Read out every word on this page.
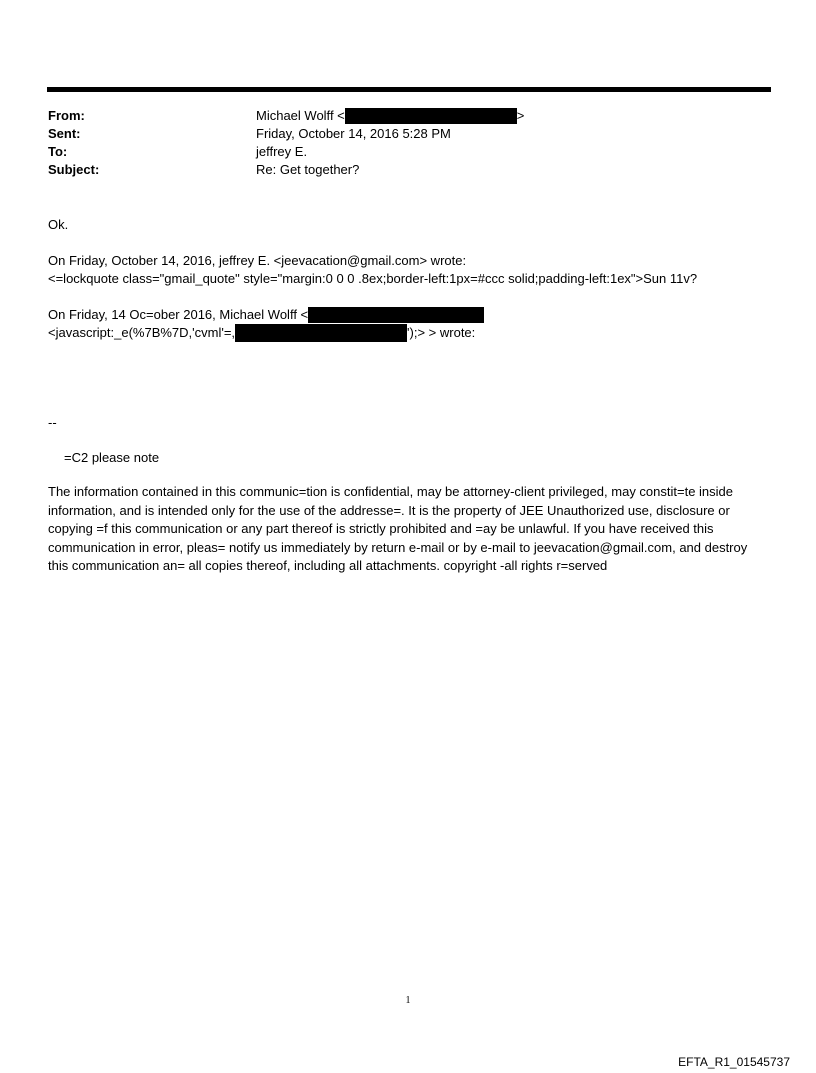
From:	Michael Wolff <	>
Sent:	Friday, October 14, 2016 5:28 PM
To:	jeffrey E.
Subject:	Re: Get together?
Ok.
On Friday, October 14, 2016, jeffrey E. <jeevacation@gmail.com> wrote:
<=lockquote class="gmail_quote" style="margin:0 0 0 .8ex;border-left:1px=#ccc solid;padding-left:1ex">Sun 11v?
On Friday, 14 Oc=ober 2016, Michael Wolff <
<javascript:_e(%7B%7D,'cvml'=,	');> > wrote:
--
=C2 please note
The information contained in this communic=tion is confidential, may be attorney-client privileged, may constit=te inside information, and is intended only for the use of the addresse=. It is the property of JEE Unauthorized use, disclosure or copying =f this communication or any part thereof is strictly prohibited and =ay be unlawful. If you have received this communication in error, pleas= notify us immediately by return e-mail or by e-mail to jeevacation@gmail.com, and destroy this communication an= all copies thereof, including all attachments. copyright -all rights r=served
1
EFTA_R1_01545737
